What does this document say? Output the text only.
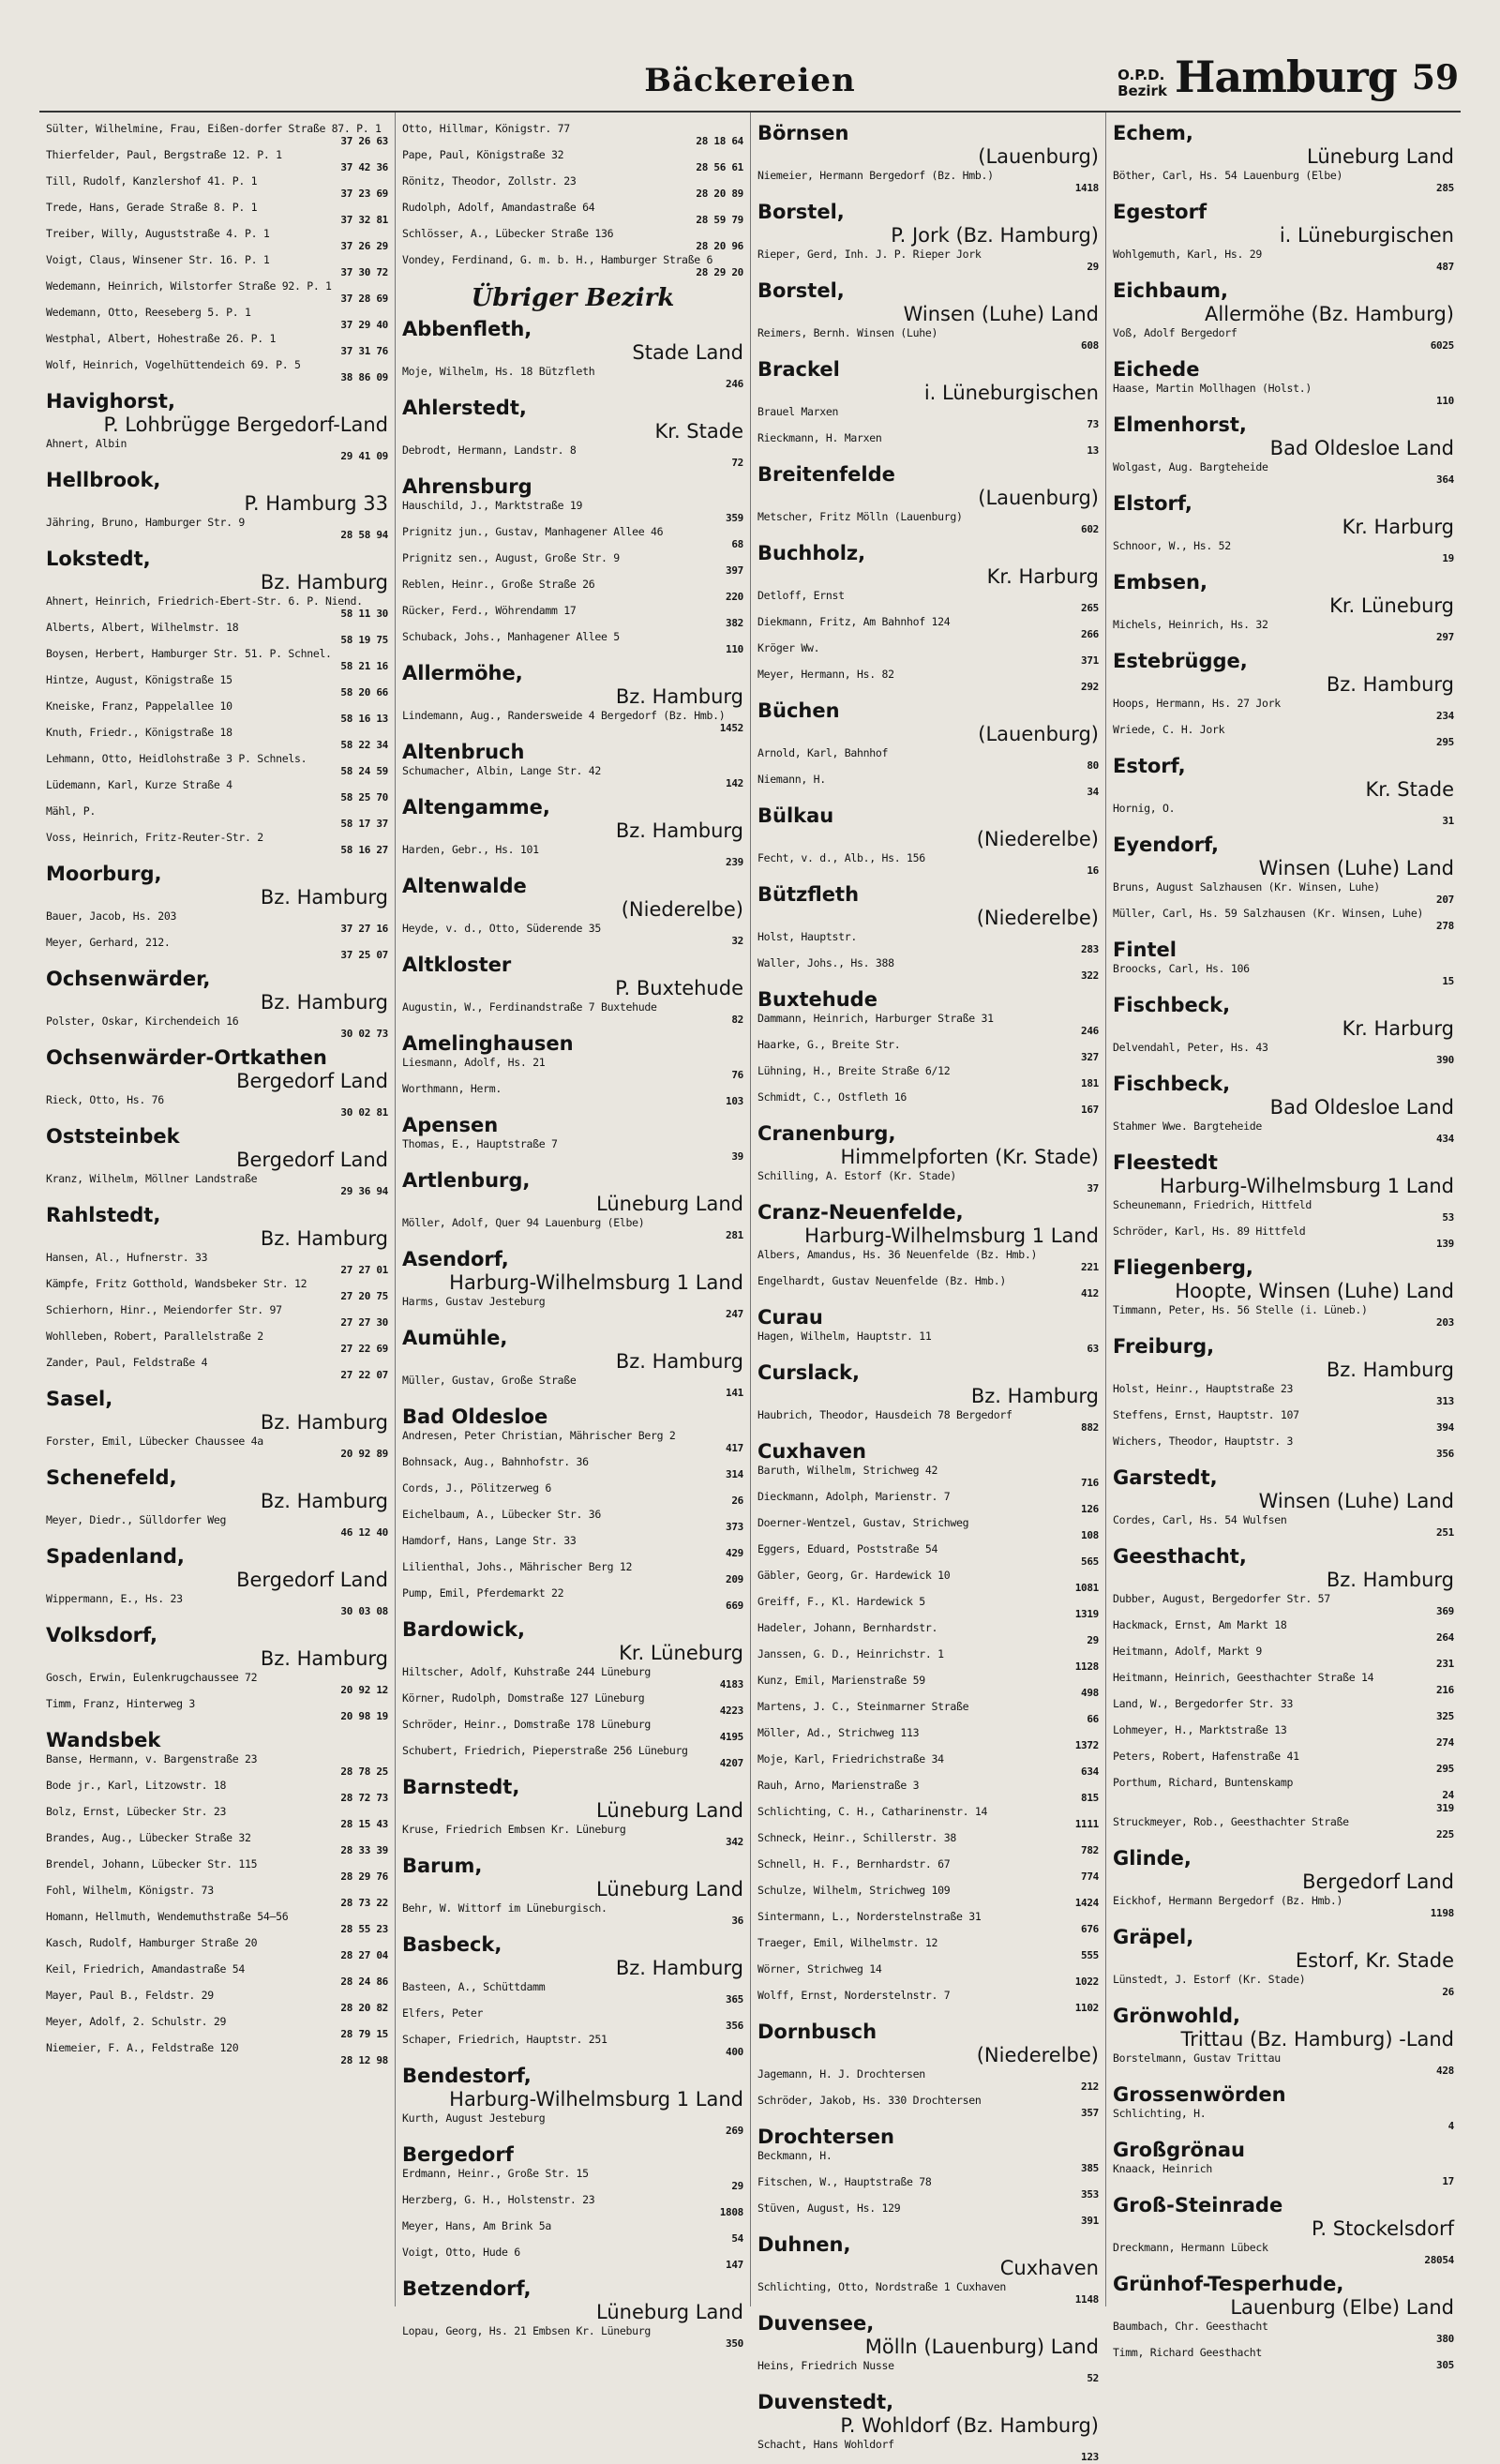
Bäckereien	O.P.D.
Bezirk Hamburg 59
Sülter, Wilhelmine, Frau, Eißen-dorfer Straße 87. P. 1
37 26 63
Thierfelder, Paul, Bergstraße 12. P. 1
37 42 36
Till, Rudolf, Kanzlershof 41. P. 1
37 23 69
Trede, Hans, Gerade Straße 8. P. 1
37 32 81
Treiber, Willy, Auguststraße 4. P. 1
37 26 29
Voigt, Claus, Winsener Str. 16. P. 1
37 30 72
Wedemann, Heinrich, Wilstorfer Straße 92. P. 1
37 28 69
Wedemann, Otto, Reeseberg 5. P. 1
37 29 40
Westphal, Albert, Hohestraße 26. P. 1
37 31 76
Wolf, Heinrich, Vogelhüttendeich 69. P. 5
38 86 09
Havighorst,
P. Lohbrügge Bergedorf-Land
Ahnert, Albin
29 41 09
Hellbrook,
P. Hamburg 33
Jähring, Bruno, Hamburger Str. 9
28 58 94
Lokstedt,
Bz. Hamburg
Ahnert, Heinrich, Friedrich-Ebert-Str. 6. P. Niend.
58 11 30
Alberts, Albert, Wilhelmstr. 18
58 19 75
Boysen, Herbert, Hamburger Str. 51. P. Schnel.
58 21 16
Hintze, August, Königstraße 15
58 20 66
Kneiske, Franz, Pappelallee 10
58 16 13
Knuth, Friedr., Königstraße 18
58 22 34
Lehmann, Otto, Heidlohstraße 3 P. Schnels.
58 24 59
Lüdemann, Karl, Kurze Straße 4
58 25 70
Mähl, P.
58 17 37
Voss, Heinrich, Fritz-Reuter-Str. 2
58 16 27
Moorburg,
Bz. Hamburg
Bauer, Jacob, Hs. 203
37 27 16
Meyer, Gerhard, 212.
37 25 07
Ochsenwärder,
Bz. Hamburg
Polster, Oskar, Kirchendeich 16
30 02 73
Ochsenwärder-Ortkathen
Bergedorf Land
Rieck, Otto, Hs. 76
30 02 81
Oststeinbek
Bergedorf Land
Kranz, Wilhelm, Möllner Landstraße
29 36 94
Rahlstedt,
Bz. Hamburg
Hansen, Al., Hufnerstr. 33
27 27 01
Kämpfe, Fritz Gotthold, Wandsbeker Str. 12
27 20 75
Schierhorn, Hinr., Meiendorfer Str. 97
27 27 30
Wohlleben, Robert, Parallelstraße 2
27 22 69
Zander, Paul, Feldstraße 4
27 22 07
Sasel,
Bz. Hamburg
Forster, Emil, Lübecker Chaussee 4a
20 92 89
Schenefeld,
Bz. Hamburg
Meyer, Diedr., Sülldorfer Weg
46 12 40
Spadenland,
Bergedorf Land
Wippermann, E., Hs. 23
30 03 08
Volksdorf,
Bz. Hamburg
Gosch, Erwin, Eulenkrugchaussee 72
20 92 12
Timm, Franz, Hinterweg 3
20 98 19
Wandsbek
Banse, Hermann, v. Bargenstraße 23
28 78 25
Bode jr., Karl, Litzowstr. 18
28 72 73
Bolz, Ernst, Lübecker Str. 23
28 15 43
Brandes, Aug., Lübecker Straße 32
28 33 39
Brendel, Johann, Lübecker Str. 115
28 29 76
Fohl, Wilhelm, Königstr. 73
28 73 22
Homann, Hellmuth, Wendemuthstraße 54—56
28 55 23
Kasch, Rudolf, Hamburger Straße 20
28 27 04
Keil, Friedrich, Amandastraße 54
28 24 86
Mayer, Paul B., Feldstr. 29
28 20 82
Meyer, Adolf, 2. Schulstr. 29
28 79 15
Niemeier, F. A., Feldstraße 120
28 12 98
Otto, Hillmar, Königstr. 77
28 18 64
Pape, Paul, Königstraße 32
28 56 61
Rönitz, Theodor, Zollstr. 23
28 20 89
Rudolph, Adolf, Amandastraße 64
28 59 79
Schlösser, A., Lübecker Straße 136
28 20 96
Vondey, Ferdinand, G. m. b. H., Hamburger Straße 6
28 29 20
Übriger Bezirk
Abbenfleth,
Stade Land
Moje, Wilhelm, Hs. 18 Bützfleth
246
Ahlerstedt,
Kr. Stade
Debrodt, Hermann, Landstr. 8
72
Ahrensburg
Hauschild, J., Marktstraße 19
359
Prignitz jun., Gustav, Manhagener Allee 46
68
Prignitz sen., August, Große Str. 9
397
Reblen, Heinr., Große Straße 26
220
Rücker, Ferd., Wöhrendamm 17
382
Schuback, Johs., Manhagener Allee 5
110
Allermöhe,
Bz. Hamburg
Lindemann, Aug., Randersweide 4 Bergedorf (Bz. Hmb.)
1452
Altenbruch
Schumacher, Albin, Lange Str. 42
142
Altengamme,
Bz. Hamburg
Harden, Gebr., Hs. 101
239
Altenwalde
(Niederelbe)
Heyde, v. d., Otto, Süderende 35
32
Altkloster
P. Buxtehude
Augustin, W., Ferdinandstraße 7 Buxtehude
82
Amelinghausen
Liesmann, Adolf, Hs. 21
76
Worthmann, Herm.
103
Apensen
Thomas, E., Hauptstraße 7
39
Artlenburg,
Lüneburg Land
Möller, Adolf, Quer 94 Lauenburg (Elbe)
281
Asendorf,
Harburg-Wilhelmsburg 1 Land
Harms, Gustav Jesteburg
247
Aumühle,
Bz. Hamburg
Müller, Gustav, Große Straße
141
Bad Oldesloe
Andresen, Peter Christian, Mährischer Berg 2
417
Bohnsack, Aug., Bahnhofstr. 36
314
Cords, J., Pölitzerweg 6
26
Eichelbaum, A., Lübecker Str. 36
373
Hamdorf, Hans, Lange Str. 33
429
Lilienthal, Johs., Mährischer Berg 12
209
Pump, Emil, Pferdemarkt 22
669
Bardowick,
Kr. Lüneburg
Hiltscher, Adolf, Kuhstraße 244 Lüneburg
4183
Körner, Rudolph, Domstraße 127 Lüneburg
4223
Schröder, Heinr., Domstraße 178 Lüneburg
4195
Schubert, Friedrich, Pieperstraße 256 Lüneburg
4207
Barnstedt,
Lüneburg Land
Kruse, Friedrich Embsen Kr. Lüneburg
342
Barum,
Lüneburg Land
Behr, W. Wittorf im Lüneburgisch.
36
Basbeck,
Bz. Hamburg
Basteen, A., Schüttdamm
365
Elfers, Peter
356
Schaper, Friedrich, Hauptstr. 251
400
Bendestorf,
Harburg-Wilhelmsburg 1 Land
Kurth, August Jesteburg
269
Bergedorf
Erdmann, Heinr., Große Str. 15
29
Herzberg, G. H., Holstenstr. 23
1808
Meyer, Hans, Am Brink 5a
54
Voigt, Otto, Hude 6
147
Betzendorf,
Lüneburg Land
Lopau, Georg, Hs. 21 Embsen Kr. Lüneburg
350
Börnsen
(Lauenburg)
Niemeier, Hermann Bergedorf (Bz. Hmb.)
1418
Borstel,
P. Jork (Bz. Hamburg)
Rieper, Gerd, Inh. J. P. Rieper Jork
29
Borstel,
Winsen (Luhe) Land
Reimers, Bernh. Winsen (Luhe)
608
Brackel
i. Lüneburgischen
Brauel Marxen
73
Rieckmann, H. Marxen
13
Breitenfelde
(Lauenburg)
Metscher, Fritz Mölln (Lauenburg)
602
Buchholz,
Kr. Harburg
Detloff, Ernst
265
Diekmann, Fritz, Am Bahnhof 124
266
Kröger Ww.
371
Meyer, Hermann, Hs. 82
292
Büchen
(Lauenburg)
Arnold, Karl, Bahnhof
80
Niemann, H.
34
Bülkau
(Niederelbe)
Fecht, v. d., Alb., Hs. 156
16
Bützfleth
(Niederelbe)
Holst, Hauptstr.
283
Waller, Johs., Hs. 388
322
Buxtehude
Dammann, Heinrich, Harburger Straße 31
246
Haarke, G., Breite Str.
327
Lühning, H., Breite Straße 6/12
181
Schmidt, C., Ostfleth 16
167
Cranenburg,
Himmelpforten (Kr. Stade)
Schilling, A. Estorf (Kr. Stade)
37
Cranz-Neuenfelde,
Harburg-Wilhelmsburg 1 Land
Albers, Amandus, Hs. 36 Neuenfelde (Bz. Hmb.)
221
Engelhardt, Gustav Neuenfelde (Bz. Hmb.)
412
Curau
Hagen, Wilhelm, Hauptstr. 11
63
Curslack,
Bz. Hamburg
Haubrich, Theodor, Hausdeich 78 Bergedorf
882
Cuxhaven
Baruth, Wilhelm, Strichweg 42
716
Dieckmann, Adolph, Marienstr. 7
126
Doerner-Wentzel, Gustav, Strichweg
108
Eggers, Eduard, Poststraße 54
565
Gäbler, Georg, Gr. Hardewick 10
1081
Greiff, F., Kl. Hardewick 5
1319
Hadeler, Johann, Bernhardstr.
29
Janssen, G. D., Heinrichstr. 1
1128
Kunz, Emil, Marienstraße 59
498
Martens, J. C., Steinmarner Straße
66
Möller, Ad., Strichweg 113
1372
Moje, Karl, Friedrichstraße 34
634
Rauh, Arno, Marienstraße 3
815
Schlichting, C. H., Catharinenstr. 14
1111
Schneck, Heinr., Schillerstr. 38
782
Schnell, H. F., Bernhardstr. 67
774
Schulze, Wilhelm, Strichweg 109
1424
Sintermann, L., Norderstelnstraße 31
676
Traeger, Emil, Wilhelmstr. 12
555
Wörner, Strichweg 14
1022
Wolff, Ernst, Norderstelnstr. 7
1102
Dornbusch
(Niederelbe)
Jagemann, H. J. Drochtersen
212
Schröder, Jakob, Hs. 330 Drochtersen
357
Drochtersen
Beckmann, H.
385
Fitschen, W., Hauptstraße 78
353
Stüven, August, Hs. 129
391
Duhnen,
Cuxhaven
Schlichting, Otto, Nordstraße 1 Cuxhaven
1148
Duvensee,
Mölln (Lauenburg) Land
Heins, Friedrich Nusse
52
Duvenstedt,
P. Wohldorf (Bz. Hamburg)
Schacht, Hans Wohldorf
123
Echem,
Lüneburg Land
Böther, Carl, Hs. 54 Lauenburg (Elbe)
285
Egestorf
i. Lüneburgischen
Wohlgemuth, Karl, Hs. 29
487
Eichbaum,
Allermöhe (Bz. Hamburg)
Voß, Adolf Bergedorf
6025
Eichede
Haase, Martin Mollhagen (Holst.)
110
Elmenhorst,
Bad Oldesloe Land
Wolgast, Aug. Bargteheide
364
Elstorf,
Kr. Harburg
Schnoor, W., Hs. 52
19
Embsen,
Kr. Lüneburg
Michels, Heinrich, Hs. 32
297
Estebrügge,
Bz. Hamburg
Hoops, Hermann, Hs. 27 Jork
234
Wriede, C. H. Jork
295
Estorf,
Kr. Stade
Hornig, O.
31
Eyendorf,
Winsen (Luhe) Land
Bruns, August Salzhausen (Kr. Winsen, Luhe)
207
Müller, Carl, Hs. 59 Salzhausen (Kr. Winsen, Luhe)
278
Fintel
Broocks, Carl, Hs. 106
15
Fischbeck,
Kr. Harburg
Delvendahl, Peter, Hs. 43
390
Fischbeck,
Bad Oldesloe Land
Stahmer Wwe. Bargteheide
434
Fleestedt
Harburg-Wilhelmsburg 1 Land
Scheunemann, Friedrich, Hittfeld
53
Schröder, Karl, Hs. 89 Hittfeld
139
Fliegenberg,
Hoopte, Winsen (Luhe) Land
Timmann, Peter, Hs. 56 Stelle (i. Lüneb.)
203
Freiburg,
Bz. Hamburg
Holst, Heinr., Hauptstraße 23
313
Steffens, Ernst, Hauptstr. 107
394
Wichers, Theodor, Hauptstr. 3
356
Garstedt,
Winsen (Luhe) Land
Cordes, Carl, Hs. 54 Wulfsen
251
Geesthacht,
Bz. Hamburg
Dubber, August, Bergedorfer Str. 57
369
Hackmack, Ernst, Am Markt 18
264
Heitmann, Adolf, Markt 9
231
Heitmann, Heinrich, Geesthachter Straße 14
216
Land, W., Bergedorfer Str. 33
325
Lohmeyer, H., Marktstraße 13
274
Peters, Robert, Hafenstraße 41
295
Porthum, Richard, Buntenskamp
24
319
Struckmeyer, Rob., Geesthachter Straße
225
Glinde,
Bergedorf Land
Eickhof, Hermann Bergedorf (Bz. Hmb.)
1198
Gräpel,
Estorf, Kr. Stade
Lünstedt, J. Estorf (Kr. Stade)
26
Grönwohld,
Trittau (Bz. Hamburg) -Land
Borstelmann, Gustav Trittau
428
Grossenwörden
Schlichting, H.
4
Großgrönau
Knaack, Heinrich
17
Groß-Steinrade
P. Stockelsdorf
Dreckmann, Hermann Lübeck
28054
Grünhof-Tesperhude,
Lauenburg (Elbe) Land
Baumbach, Chr. Geesthacht
380
Timm, Richard Geesthacht
305
